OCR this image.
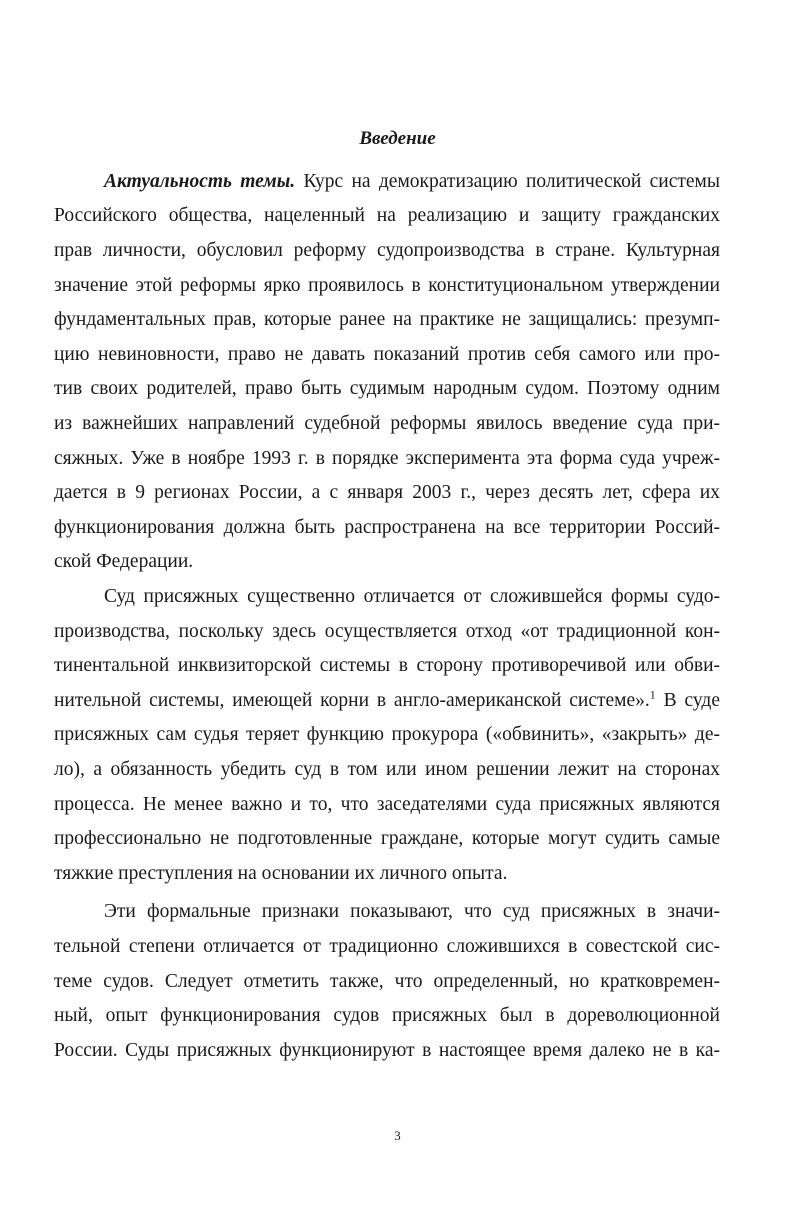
Введение

Актуальность темы. Курс на демократизацию политической системы

Российского общества, нацеленный на реализацию и защиту гражданских

прав личности, обусловил реформу судопроизводства в стране. Культурная

значение этой реформы ярко проявилось в конституциональном утверждении

фундаментальных прав, которые ранее на практике не защищались: презумп-

цию невиновности, право не давать показаний против себя самого или про-

тив своих родителей, право быть судимым народным судом. Поэтому одним

из важнейших направлений судебной реформы явилось введение суда при-

сяжных. Уже в ноябре 1993 г. в порядке эксперимента эта форма суда учреж-

дается в 9 регионах России, а с января 2003 г., через десять лет, сфера их

функционирования должна быть распространена на все территории Россий-

ской Федерации.

Суд присяжных существенно отличается от сложившейся формы судо-

производства, поскольку здесь осуществляется отход «от традиционной кон-

тинентальной инквизиторской системы в сторону противоречивой или обви-

нительной системы, имеющей корни в англо-американской системе».$^1$ В суде

присяжных сам судья теряет функцию прокурора («обвинить», «закрыть» де-

ло), а обязанность убедить суд в том или ином решении лежит на сторонах

процесса. Не менее важно и то, что заседателями суда присяжных являются

профессионально не подготовленные граждане, которые могут судить самые

тяжкие преступления на основании их личного опыта.

Эти формальные признаки показывают, что суд присяжных в значи-

тельной степени отличается от традиционно сложившихся в совестской сис-

теме судов. Следует отметить также, что определенный, но кратковремен-

ный, опыт функционирования судов присяжных был в дореволюционной

России. Суды присяжных функционируют в настоящее время далеко не в ка-

3
